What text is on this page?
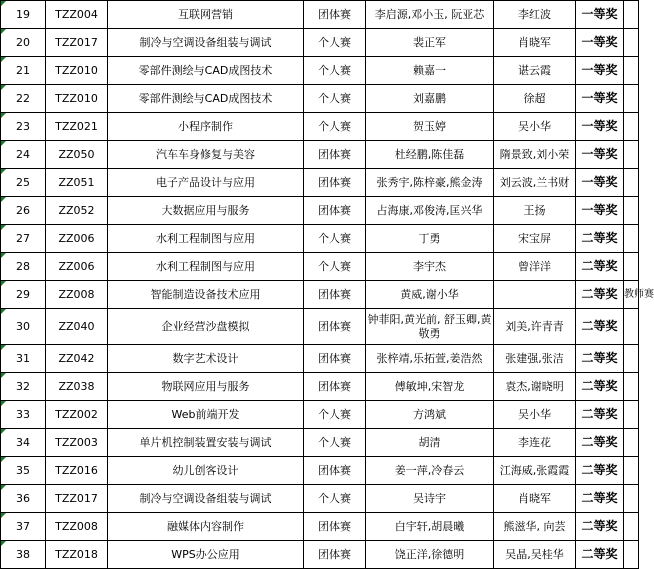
19	TZZ004	互联网营销	团体赛	李启源,邓小玉, 阮亚芯	李红波	一等奖	
20	TZZ017	制冷与空调设备组装与调试	个人赛	裴正军	肖晓军	一等奖	
21	TZZ010	零部件测绘与CAD成图技术	个人赛	赖嘉一	谌云霞	一等奖	
22	TZZ010	零部件测绘与CAD成图技术	个人赛	刘嘉鹏	徐超	一等奖	
23	TZZ021	小程序制作	个人赛	贺玉婷	吴小华	一等奖	
24	ZZ050	汽车车身修复与美容	团体赛	杜经鹏,陈佳磊	隋景致,刘小荣	一等奖	
25	ZZ051	电子产品设计与应用	团体赛	张秀宇,陈梓豪,熊金涛	刘云波,兰书财	一等奖	
26	ZZ052	大数据应用与服务	团体赛	占海康,邓俊涛,匡兴华	王扬	一等奖	
27	ZZ006	水利工程制图与应用	个人赛	丁勇	宋宝屏	二等奖	
28	ZZ006	水利工程制图与应用	个人赛	李宇杰	曾洋洋	二等奖	
29	ZZ008	智能制造设备技术应用	团体赛	黄威,谢小华		二等奖	教师赛
30	ZZ040	企业经营沙盘模拟	团体赛	钟菲阳,黄光前, 舒玉卿,黄敬勇	刘美,许青青	二等奖	
31	ZZ042	数字艺术设计	团体赛	张梓靖,乐拓萱,姜浩然	张建强,张洁	二等奖	
32	ZZ038	物联网应用与服务	团体赛	傅敏坤,宋智龙	袁杰,谢晓明	二等奖	
33	TZZ002	Web前端开发	个人赛	方鸿斌	吴小华	二等奖	
34	TZZ003	单片机控制装置安装与调试	个人赛	胡清	李连花	二等奖	
35	TZZ016	幼儿创客设计	团体赛	姜一萍,冷春云	江海威,张霞霞	二等奖	
36	TZZ017	制冷与空调设备组装与调试	个人赛	吴诗宇	肖晓军	二等奖	
37	TZZ008	融媒体内容制作	团体赛	白宇轩,胡晨曦	熊滋华, 向芸	二等奖	
38	TZZ018	WPS办公应用	团体赛	饶正洋,徐德明	吴晶,吴桂华	二等奖	
